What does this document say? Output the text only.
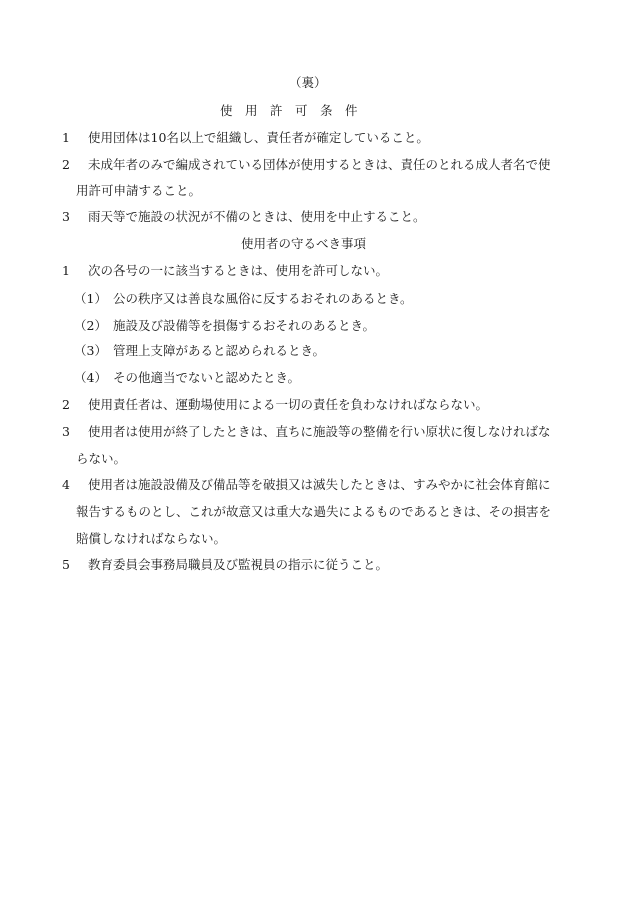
（裏）
使　用　許　可　条　件
1 使用団体は10名以上で組織し、責任者が確定していること。
2 未成年者のみで編成されている団体が使用するときは、責任のとれる成人者名で使
用許可申請すること。
3 雨天等で施設の状況が不備のときは、使用を中止すること。
使用者の守るべき事項
1 次の各号の一に該当するときは、使用を許可しない。
（1） 公の秩序又は善良な風俗に反するおそれのあるとき。
（2） 施設及び設備等を損傷するおそれのあるとき。
（3） 管理上支障があると認められるとき。
（4） その他適当でないと認めたとき。
2 使用責任者は、運動場使用による一切の責任を負わなければならない。
3 使用者は使用が終了したときは、直ちに施設等の整備を行い原状に復しなければな
らない。
4 使用者は施設設備及び備品等を破損又は滅失したときは、すみやかに社会体育館に
報告するものとし、これが故意又は重大な過失によるものであるときは、その損害を
賠償しなければならない。
5 教育委員会事務局職員及び監視員の指示に従うこと。
